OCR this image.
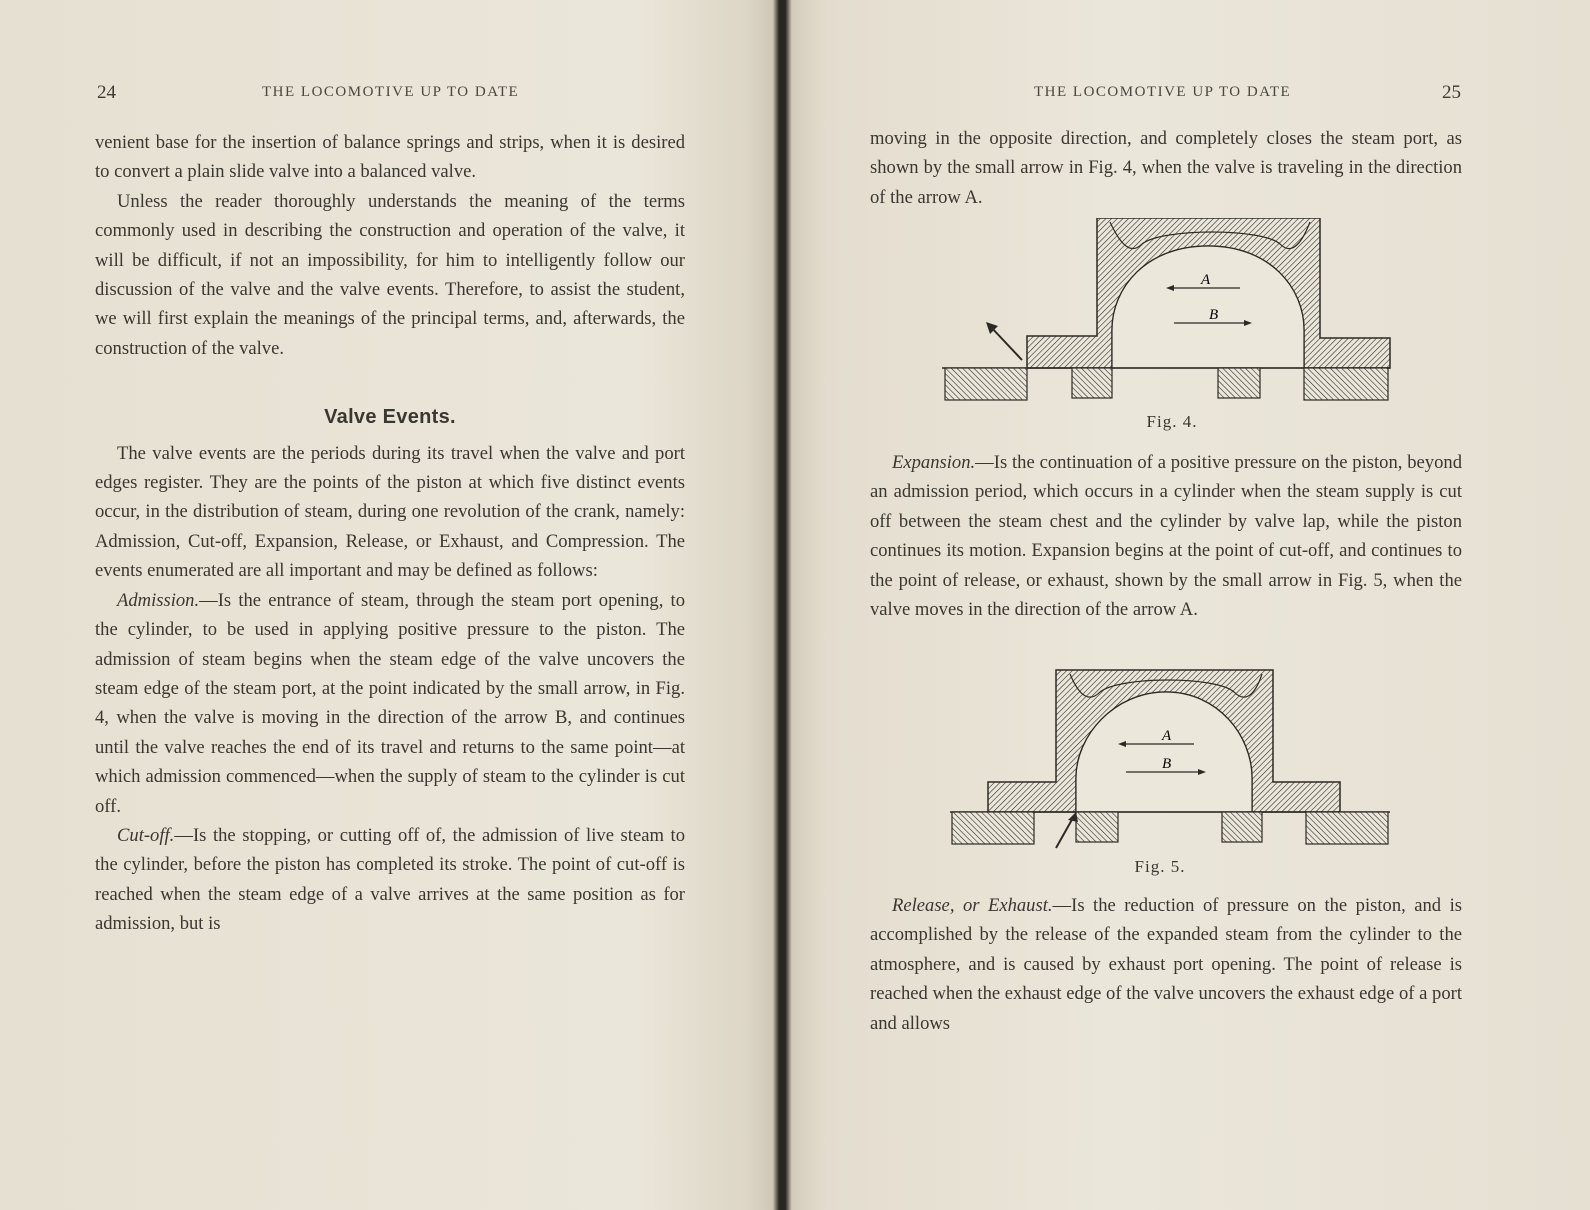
24	THE LOCOMOTIVE UP TO DATE

venient base for the insertion of balance springs and strips, when it is desired to convert a plain slide valve into a balanced valve.

Unless the reader thoroughly understands the meaning of the terms commonly used in describing the construction and operation of the valve, it will be difficult, if not an impossibility, for him to intelligently follow our discussion of the valve and the valve events. Therefore, to assist the student, we will first explain the meanings of the principal terms, and, afterwards, the construction of the valve.

Valve Events.

The valve events are the periods during its travel when the valve and port edges register. They are the points of the piston at which five distinct events occur, in the distribution of steam, during one revolution of the crank, namely: Admission, Cut-off, Expansion, Release, or Exhaust, and Compression. The events enumerated are all important and may be defined as follows:

Admission.—Is the entrance of steam, through the steam port opening, to the cylinder, to be used in applying positive pressure to the piston. The admission of steam begins when the steam edge of the valve uncovers the steam edge of the steam port, at the point indicated by the small arrow, in Fig. 4, when the valve is moving in the direction of the arrow B, and continues until the valve reaches the end of its travel and returns to the same point—at which admission commenced—when the supply of steam to the cylinder is cut off.

Cut-off.—Is the stopping, or cutting off of, the admission of live steam to the cylinder, before the piston has completed its stroke. The point of cut-off is reached when the steam edge of a valve arrives at the same position as for admission, but is

THE LOCOMOTIVE UP TO DATE	25

moving in the opposite direction, and completely closes the steam port, as shown by the small arrow in Fig. 4, when the valve is traveling in the direction of the arrow A.

A
B
Fig. 4.

Expansion.—Is the continuation of a positive pressure on the piston, beyond an admission period, which occurs in a cylinder when the steam supply is cut off between the steam chest and the cylinder by valve lap, while the piston continues its motion. Expansion begins at the point of cut-off, and continues to the point of release, or exhaust, shown by the small arrow in Fig. 5, when the valve moves in the direction of the arrow A.

A
B
Fig. 5.

Release, or Exhaust.—Is the reduction of pressure on the piston, and is accomplished by the release of the expanded steam from the cylinder to the atmosphere, and is caused by exhaust port opening. The point of release is reached when the exhaust edge of the valve uncovers the exhaust edge of a port and allows
